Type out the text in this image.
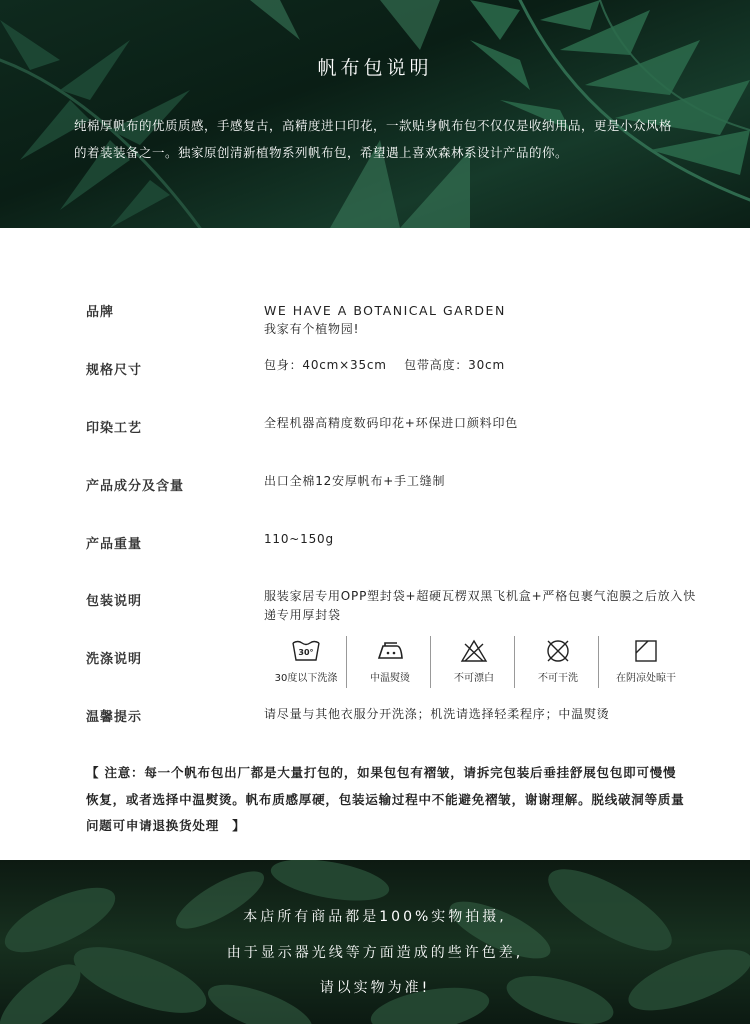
帆布包说明
纯棉厚帆布的优质质感，手感复古，高精度进口印花，一款贴身帆布包不仅仅是收纳用品，更是小众风格的着装装备之一。独家原创清新植物系列帆布包，希望遇上喜欢森林系设计产品的你。
品牌	WE HAVE A BOTANICAL GARDEN
我家有个植物园!
规格尺寸	包身：40cm×35cm　 包带高度：30cm
印染工艺	全程机器高精度数码印花+环保进口颜料印色
产品成分及含量	出口全棉12安厚帆布+手工缝制
产品重量	110~150g
包装说明	服装家居专用OPP塑封袋+超硬瓦楞双黑飞机盒+严格包裹气泡膜之后放入快递专用厚封袋
洗涤说明	30°
30度以下洗涤	中温熨烫	不可漂白	不可干洗	在阴凉处晾干
温馨提示	请尽量与其他衣服分开洗涤；机洗请选择轻柔程序；中温熨烫
【 注意：每一个帆布包出厂都是大量打包的，如果包包有褶皱，请拆完包装后垂挂舒展包包即可慢慢恢复，或者选择中温熨烫。帆布质感厚硬，包装运输过程中不能避免褶皱，谢谢理解。脱线破洞等质量问题可申请退换货处理　】
本店所有商品都是100%实物拍摄,
由于显示器光线等方面造成的些许色差,
请以实物为准!
